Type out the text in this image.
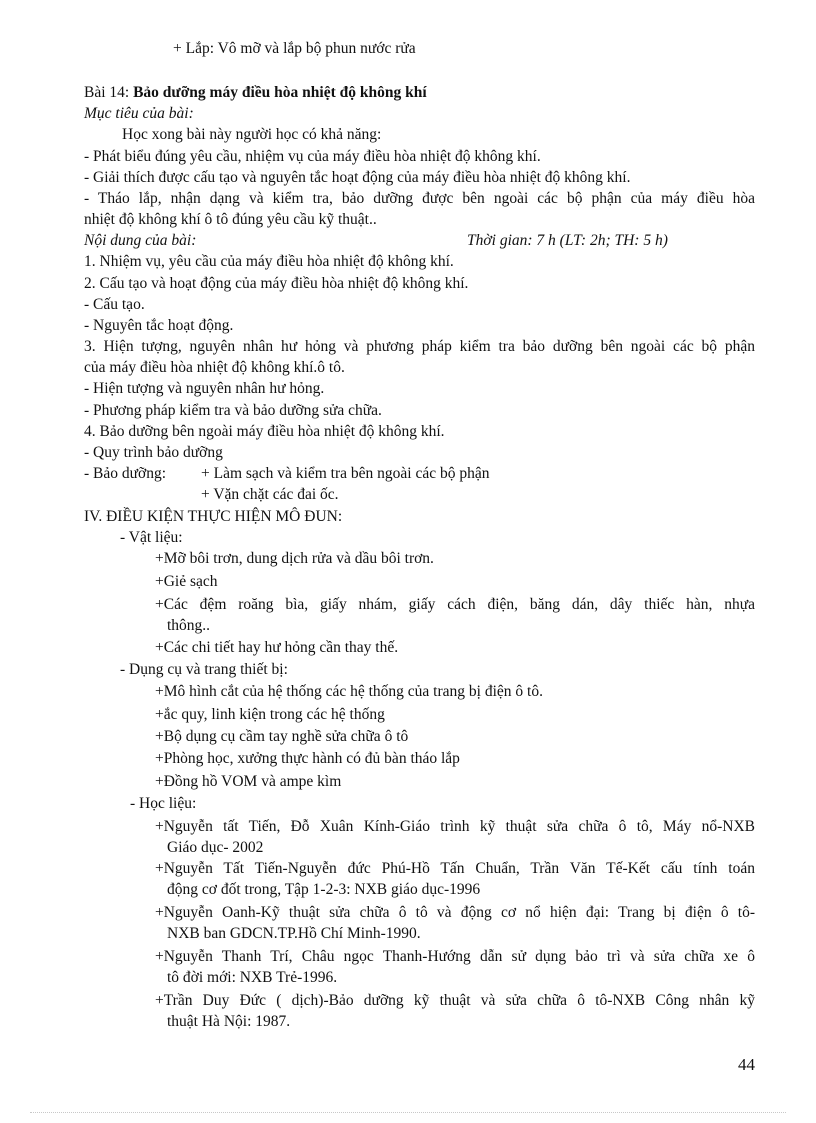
+ Lắp: Vô mỡ và lắp bộ phun nước rửa
Bài 14: Bảo dưỡng máy điều hòa nhiệt độ không khí
Mục tiêu của bài:
Học xong bài này người học có khả năng:
- Phát biểu đúng yêu cầu, nhiệm vụ của máy điều hòa nhiệt độ không khí.
- Giải thích được cấu tạo và nguyên tắc hoạt động của máy điều hòa nhiệt độ không khí.
- Tháo lắp, nhận dạng và kiểm tra, bảo dưỡng được bên ngoài các bộ phận của máy điều hòa
nhiệt độ không khí ô tô đúng yêu cầu kỹ thuật..
Nội dung của bài:	Thời gian: 7 h (LT: 2h; TH: 5 h)
1. Nhiệm vụ, yêu cầu của máy điều hòa nhiệt độ không khí.
2. Cấu tạo và hoạt động của máy điều hòa nhiệt độ không khí.
- Cấu tạo.
- Nguyên tắc hoạt động.
3. Hiện tượng, nguyên nhân hư hỏng và phương pháp kiểm tra bảo dưỡng bên ngoài các bộ phận
của máy điều hòa nhiệt độ không khí.ô tô.
- Hiện tượng và nguyên nhân hư hỏng.
- Phương pháp kiểm tra và bảo dưỡng sửa chữa.
4. Bảo dưỡng bên ngoài máy điều hòa nhiệt độ không khí.
- Quy trình bảo dưỡng
- Bảo dưỡng: + Làm sạch và kiểm tra bên ngoài các bộ phận
+ Vặn chặt các đai ốc.
IV. ĐIỀU KIỆN THỰC HIỆN MÔ ĐUN:
- Vật liệu:
+Mỡ bôi trơn, dung dịch rửa và dầu bôi trơn.
+Giẻ sạch
+Các đệm roăng bìa, giấy nhám, giấy cách điện, băng dán, dây thiếc hàn, nhựa
thông..
+Các chi tiết hay hư hỏng cần thay thế.
- Dụng cụ và trang thiết bị:
+Mô hình cắt của hệ thống các hệ thống của trang bị điện ô tô.
+ắc quy, linh kiện trong các hệ thống
+Bộ dụng cụ cầm tay nghề sửa chữa ô tô
+Phòng học, xưởng thực hành có đủ bàn tháo lắp
+Đồng hồ VOM và ampe kìm
- Học liệu:
+Nguyễn tất Tiến, Đỗ Xuân Kính-Giáo trình kỹ thuật sửa chữa ô tô, Máy nổ-NXB
Giáo dục- 2002
+Nguyễn Tất Tiến-Nguyễn đức Phú-Hồ Tấn Chuẩn, Trần Văn Tế-Kết cấu tính toán
động cơ đốt trong, Tập 1-2-3: NXB giáo dục-1996
+Nguyễn Oanh-Kỹ thuật sửa chữa ô tô và động cơ nổ hiện đại: Trang bị điện ô tô-
NXB ban GDCN.TP.Hồ Chí Minh-1990.
+Nguyễn Thanh Trí, Châu ngọc Thanh-Hướng dẫn sử dụng bảo trì và sửa chữa xe ô
tô đời mới: NXB Trẻ-1996.
+Trần Duy Đức ( dịch)-Bảo dưỡng kỹ thuật và sửa chữa ô tô-NXB Công nhân kỹ
thuật Hà Nội: 1987.
44
